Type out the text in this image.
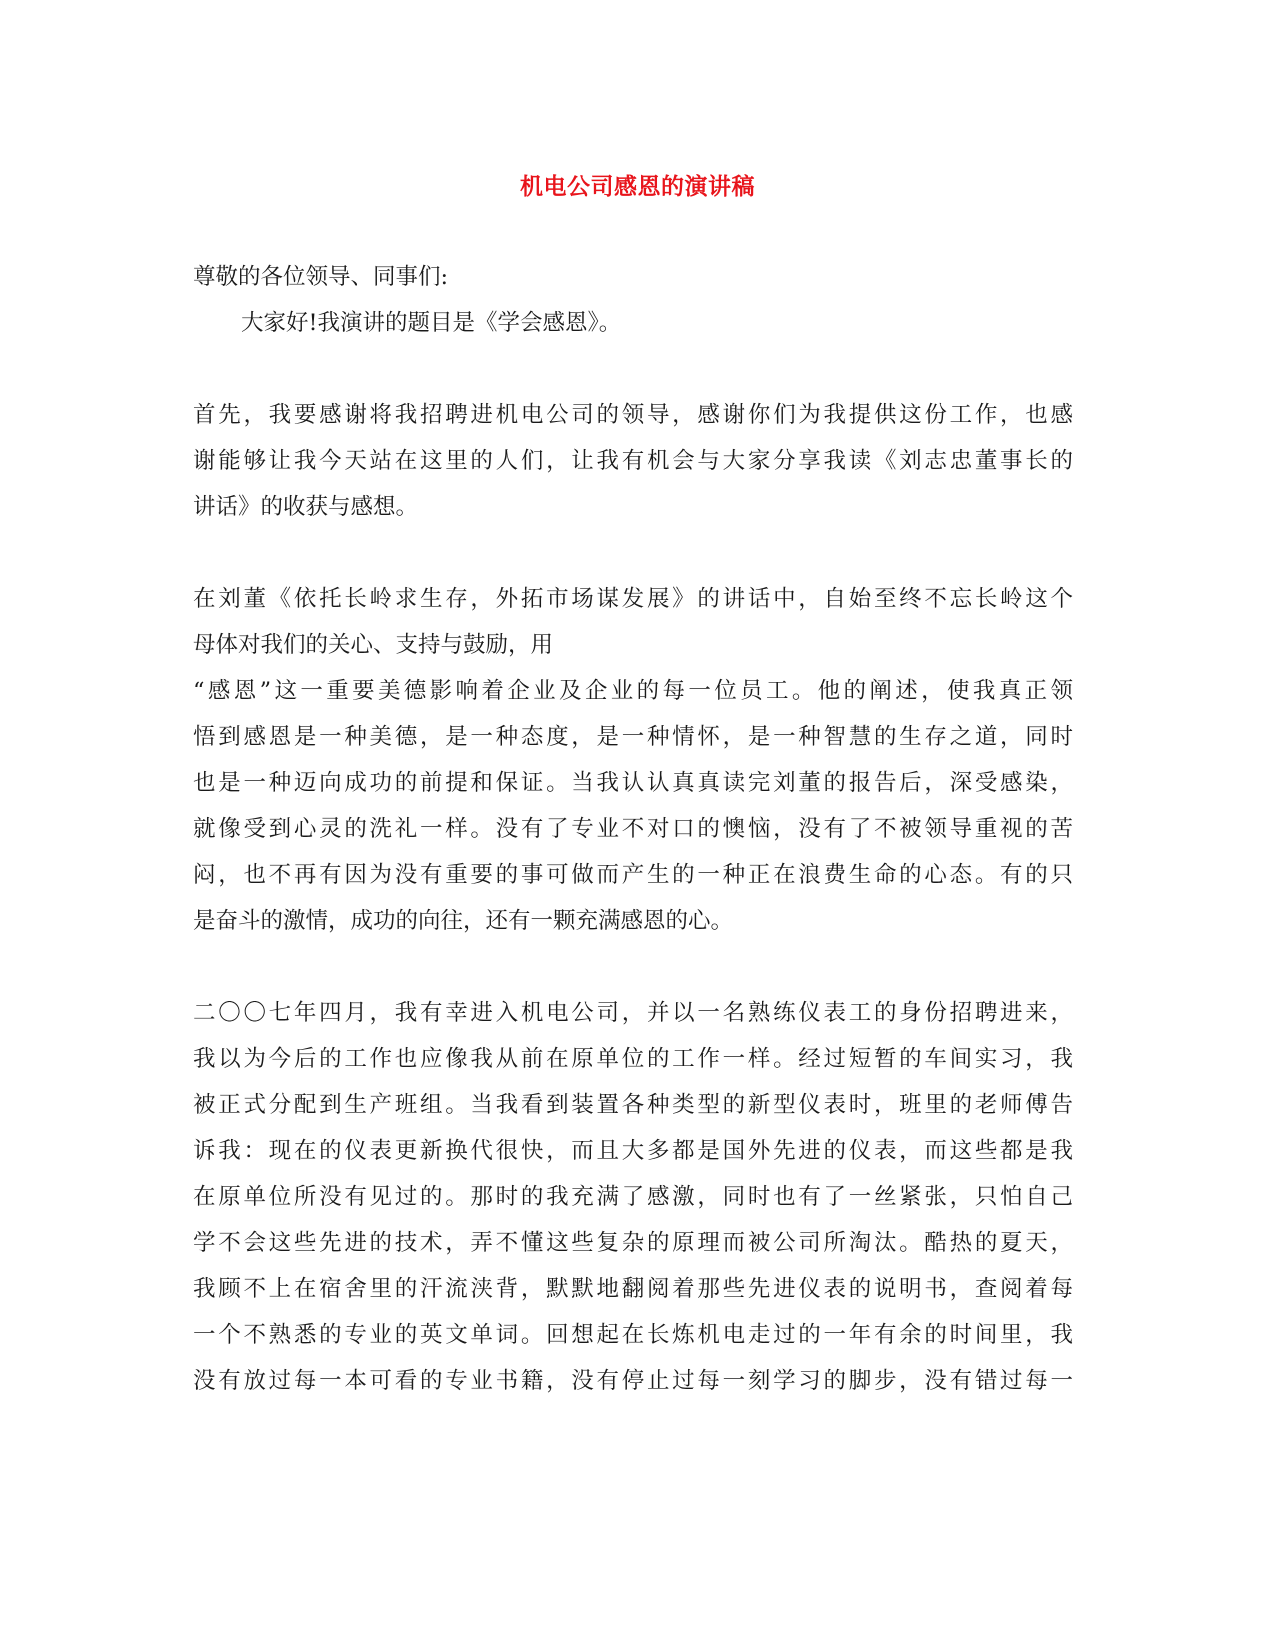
机电公司感恩的演讲稿
尊敬的各位领导、同事们:
大家好!我演讲的题目是《学会感恩》。
首先，我要感谢将我招聘进机电公司的领导，感谢你们为我提供这份工作，也感
谢能够让我今天站在这里的人们，让我有机会与大家分享我读《刘志忠董事长的
讲话》的收获与感想。
在刘董《依托长岭求生存，外拓市场谋发展》的讲话中，自始至终不忘长岭这个
母体对我们的关心、支持与鼓励，用
“感恩”这一重要美德影响着企业及企业的每一位员工。他的阐述，使我真正领
悟到感恩是一种美德，是一种态度，是一种情怀，是一种智慧的生存之道，同时
也是一种迈向成功的前提和保证。当我认认真真读完刘董的报告后，深受感染，
就像受到心灵的洗礼一样。没有了专业不对口的懊恼，没有了不被领导重视的苦
闷，也不再有因为没有重要的事可做而产生的一种正在浪费生命的心态。有的只
是奋斗的激情，成功的向往，还有一颗充满感恩的心。
二〇〇七年四月，我有幸进入机电公司，并以一名熟练仪表工的身份招聘进来，
我以为今后的工作也应像我从前在原单位的工作一样。经过短暂的车间实习，我
被正式分配到生产班组。当我看到装置各种类型的新型仪表时，班里的老师傅告
诉我：现在的仪表更新换代很快，而且大多都是国外先进的仪表，而这些都是我
在原单位所没有见过的。那时的我充满了感激，同时也有了一丝紧张，只怕自己
学不会这些先进的技术，弄不懂这些复杂的原理而被公司所淘汰。酷热的夏天，
我顾不上在宿舍里的汗流浃背，默默地翻阅着那些先进仪表的说明书，查阅着每
一个不熟悉的专业的英文单词。回想起在长炼机电走过的一年有余的时间里，我
没有放过每一本可看的专业书籍，没有停止过每一刻学习的脚步，没有错过每一
